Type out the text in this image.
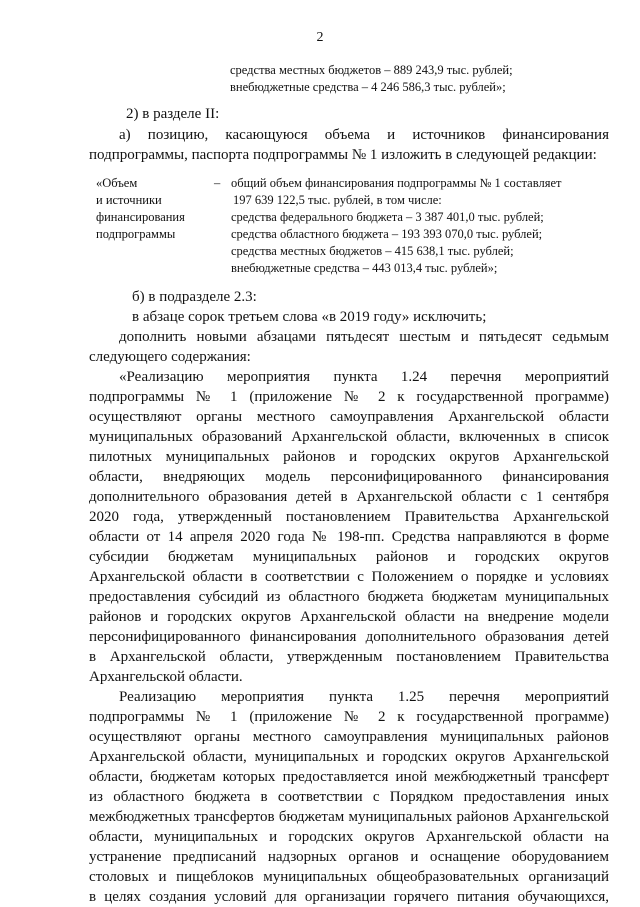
2
средства местных бюджетов – 889 243,9 тыс. рублей;
внебюджетные средства – 4 246 586,3 тыс. рублей»;
2) в разделе II:
а) позицию, касающуюся объема и источников финансирования
подпрограммы, паспорта подпрограммы № 1 изложить в следующей редакции:
«Объем
и источники
финансирования
подпрограммы
– общий объем финансирования подпрограммы № 1 составляет
197 639 122,5 тыс. рублей, в том числе:
средства федерального бюджета – 3 387 401,0 тыс. рублей;
средства областного бюджета – 193 393 070,0 тыс. рублей;
средства местных бюджетов – 415 638,1 тыс. рублей;
внебюджетные средства – 443 013,4 тыс. рублей»;
б) в подразделе 2.3:
в абзаце сорок третьем слова «в 2019 году» исключить;
дополнить новыми абзацами пятьдесят шестым и пятьдесят седьмым
следующего содержания:
«Реализацию мероприятия пункта 1.24 перечня мероприятий
подпрограммы № 1 (приложение № 2 к государственной программе)
осуществляют органы местного самоуправления Архангельской области
муниципальных образований Архангельской области, включенных в список
пилотных муниципальных районов и городских округов Архангельской
области, внедряющих модель персонифицированного финансирования
дополнительного образования детей в Архангельской области с 1 сентября
2020 года, утвержденный постановлением Правительства Архангельской
области от 14 апреля 2020 года № 198-пп. Средства направляются в форме
субсидии бюджетам муниципальных районов и городских округов
Архангельской области в соответствии с Положением о порядке и условиях
предоставления субсидий из областного бюджета бюджетам муниципальных
районов и городских округов Архангельской области на внедрение модели
персонифицированного финансирования дополнительного образования детей
в Архангельской области, утвержденным постановлением Правительства
Архангельской области.
Реализацию мероприятия пункта 1.25 перечня мероприятий
подпрограммы № 1 (приложение № 2 к государственной программе)
осуществляют органы местного самоуправления муниципальных районов
Архангельской области, муниципальных и городских округов Архангельской
области, бюджетам которых предоставляется иной межбюджетный трансферт
из областного бюджета в соответствии с Порядком предоставления иных
межбюджетных трансфертов бюджетам муниципальных районов Архангельской
области, муниципальных и городских округов Архангельской области на
устранение предписаний надзорных органов и оснащение оборудованием
столовых и пищеблоков муниципальных общеобразовательных организаций
в целях создания условий для организации горячего питания обучающихся,
